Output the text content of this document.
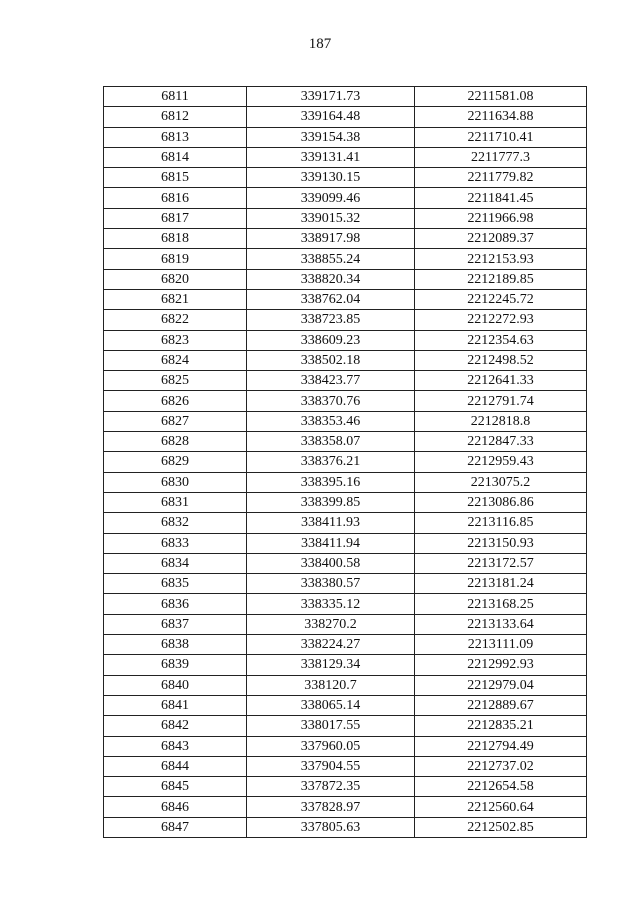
187
6811	339171.73	2211581.08
6812	339164.48	2211634.88
6813	339154.38	2211710.41
6814	339131.41	2211777.3
6815	339130.15	2211779.82
6816	339099.46	2211841.45
6817	339015.32	2211966.98
6818	338917.98	2212089.37
6819	338855.24	2212153.93
6820	338820.34	2212189.85
6821	338762.04	2212245.72
6822	338723.85	2212272.93
6823	338609.23	2212354.63
6824	338502.18	2212498.52
6825	338423.77	2212641.33
6826	338370.76	2212791.74
6827	338353.46	2212818.8
6828	338358.07	2212847.33
6829	338376.21	2212959.43
6830	338395.16	2213075.2
6831	338399.85	2213086.86
6832	338411.93	2213116.85
6833	338411.94	2213150.93
6834	338400.58	2213172.57
6835	338380.57	2213181.24
6836	338335.12	2213168.25
6837	338270.2	2213133.64
6838	338224.27	2213111.09
6839	338129.34	2212992.93
6840	338120.7	2212979.04
6841	338065.14	2212889.67
6842	338017.55	2212835.21
6843	337960.05	2212794.49
6844	337904.55	2212737.02
6845	337872.35	2212654.58
6846	337828.97	2212560.64
6847	337805.63	2212502.85
